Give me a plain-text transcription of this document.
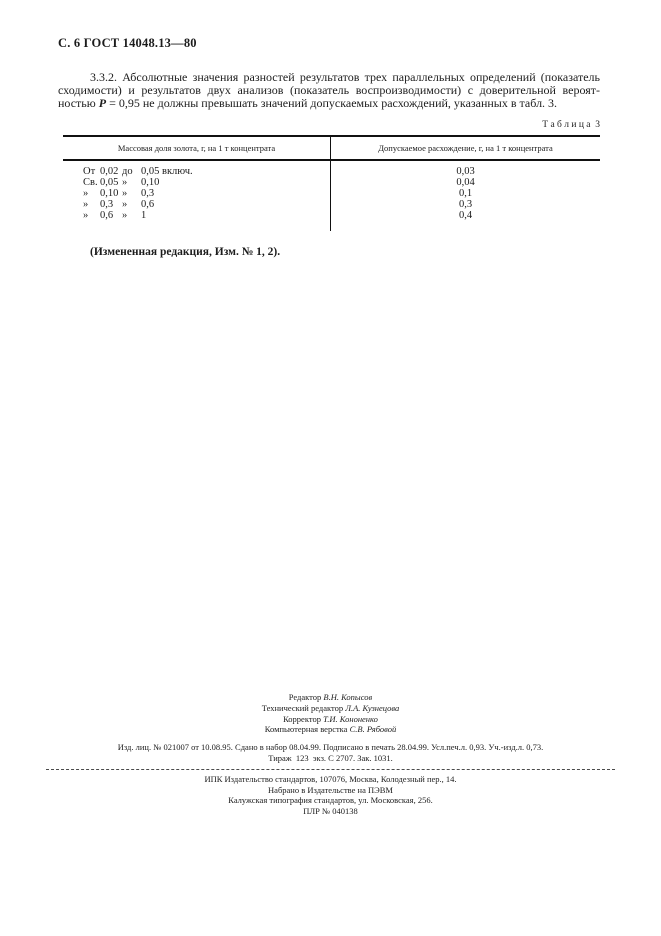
С. 6 ГОСТ 14048.13—80
3.3.2. Абсолютные значения разностей результатов трех параллельных определений (показатель
сходимости) и результатов двух анализов (показатель воспроизводимости) с доверительной вероят-
ностью Р = 0,95 не должны превышать значений допускаемых расхождений, указанных в табл. 3.
Т а б л и ц а  3
Массовая доля золота, г, на 1 т концентрата	Допускаемое расхождение, г, на 1 т концентрата
От 0,02 до 0,05 включ.
Св. 0,05 » 0,10
» 0,10 » 0,3
» 0,3 » 0,6
» 0,6 » 1
0,03
0,04
0,1
0,3
0,4
(Измененная редакция, Изм. № 1, 2).
Редактор В.Н. Копысов
Технический редактор Л.А. Кузнецова
Корректор Т.И. Кононенко
Компьютерная верстка С.В. Рябовой
Изд. лиц. № 021007 от 10.08.95. Сдано в набор 08.04.99. Подписано в печать 28.04.99. Усл.печ.л. 0,93. Уч.-изд.л. 0,73.
Тираж  123  экз. С 2707. Зак. 1031.
ИПК Издательство стандартов, 107076, Москва, Колодезный пер., 14.
Набрано в Издательстве на ПЭВМ
Калужская типография стандартов, ул. Московская, 256.
ПЛР № 040138
